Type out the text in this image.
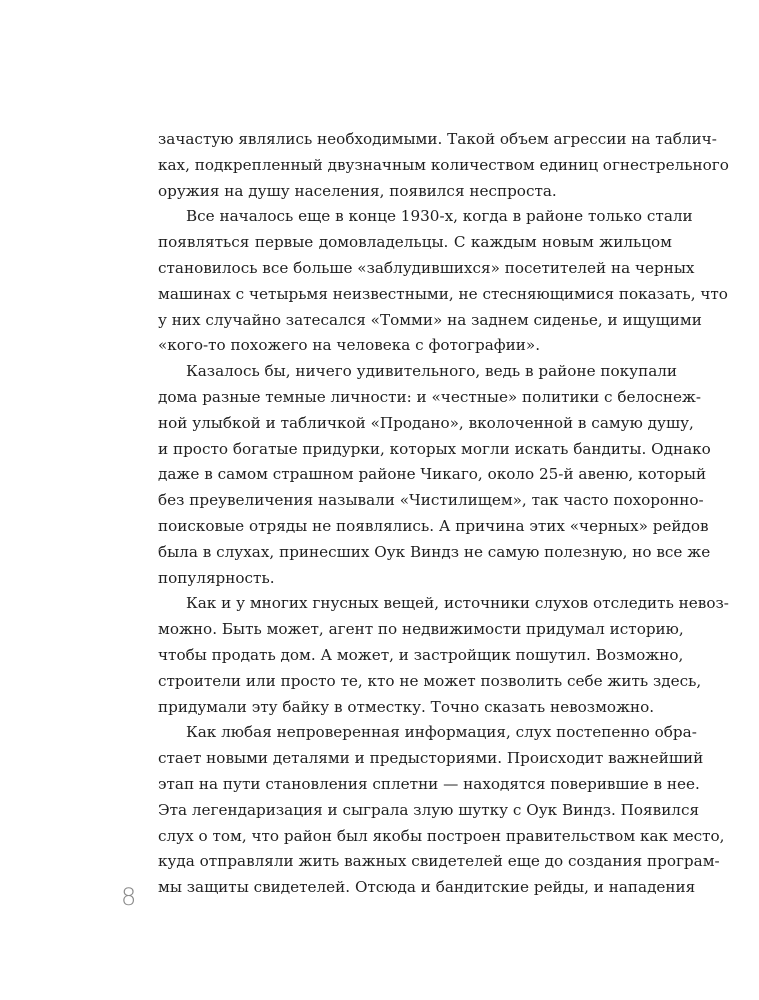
зачастую являлись необходимыми. Такой объем агрессии на таблич-
ках, подкрепленный двузначным количеством единиц огнестрельного
оружия на душу населения, появился неспроста.
Все началось еще в конце 1930-х, когда в районе только стали
появляться первые домовладельцы. С каждым новым жильцом
становилось все больше «заблудившихся» посетителей на черных
машинах с четырьмя неизвестными, не стесняющимися показать, что
у них случайно затесался «Томми» на заднем сиденье, и ищущими
«кого-то похожего на человека с фотографии».
Казалось бы, ничего удивительного, ведь в районе покупали
дома разные темные личности: и «честные» политики с белоснеж-
ной улыбкой и табличкой «Продано», вколоченной в самую душу,
и просто богатые придурки, которых могли искать бандиты. Однако
даже в самом страшном районе Чикаго, около 25-й авеню, который
без преувеличения называли «Чистилищем», так часто похоронно-
поисковые отряды не появлялись. А причина этих «черных» рейдов
была в слухах, принесших Оук Виндз не самую полезную, но все же
популярность.
Как и у многих гнусных вещей, источники слухов отследить невоз-
можно. Быть может, агент по недвижимости придумал историю,
чтобы продать дом. А может, и застройщик пошутил. Возможно,
строители или просто те, кто не может позволить себе жить здесь,
придумали эту байку в отместку. Точно сказать невозможно.
Как любая непроверенная информация, слух постепенно обра-
стает новыми деталями и предысториями. Происходит важнейший
этап на пути становления сплетни — находятся поверившие в нее.
Эта легендаризация и сыграла злую шутку с Оук Виндз. Появился
слух о том, что район был якобы построен правительством как место,
куда отправляли жить важных свидетелей еще до создания програм-
мы защиты свидетелей. Отсюда и бандитские рейды, и нападения
8
